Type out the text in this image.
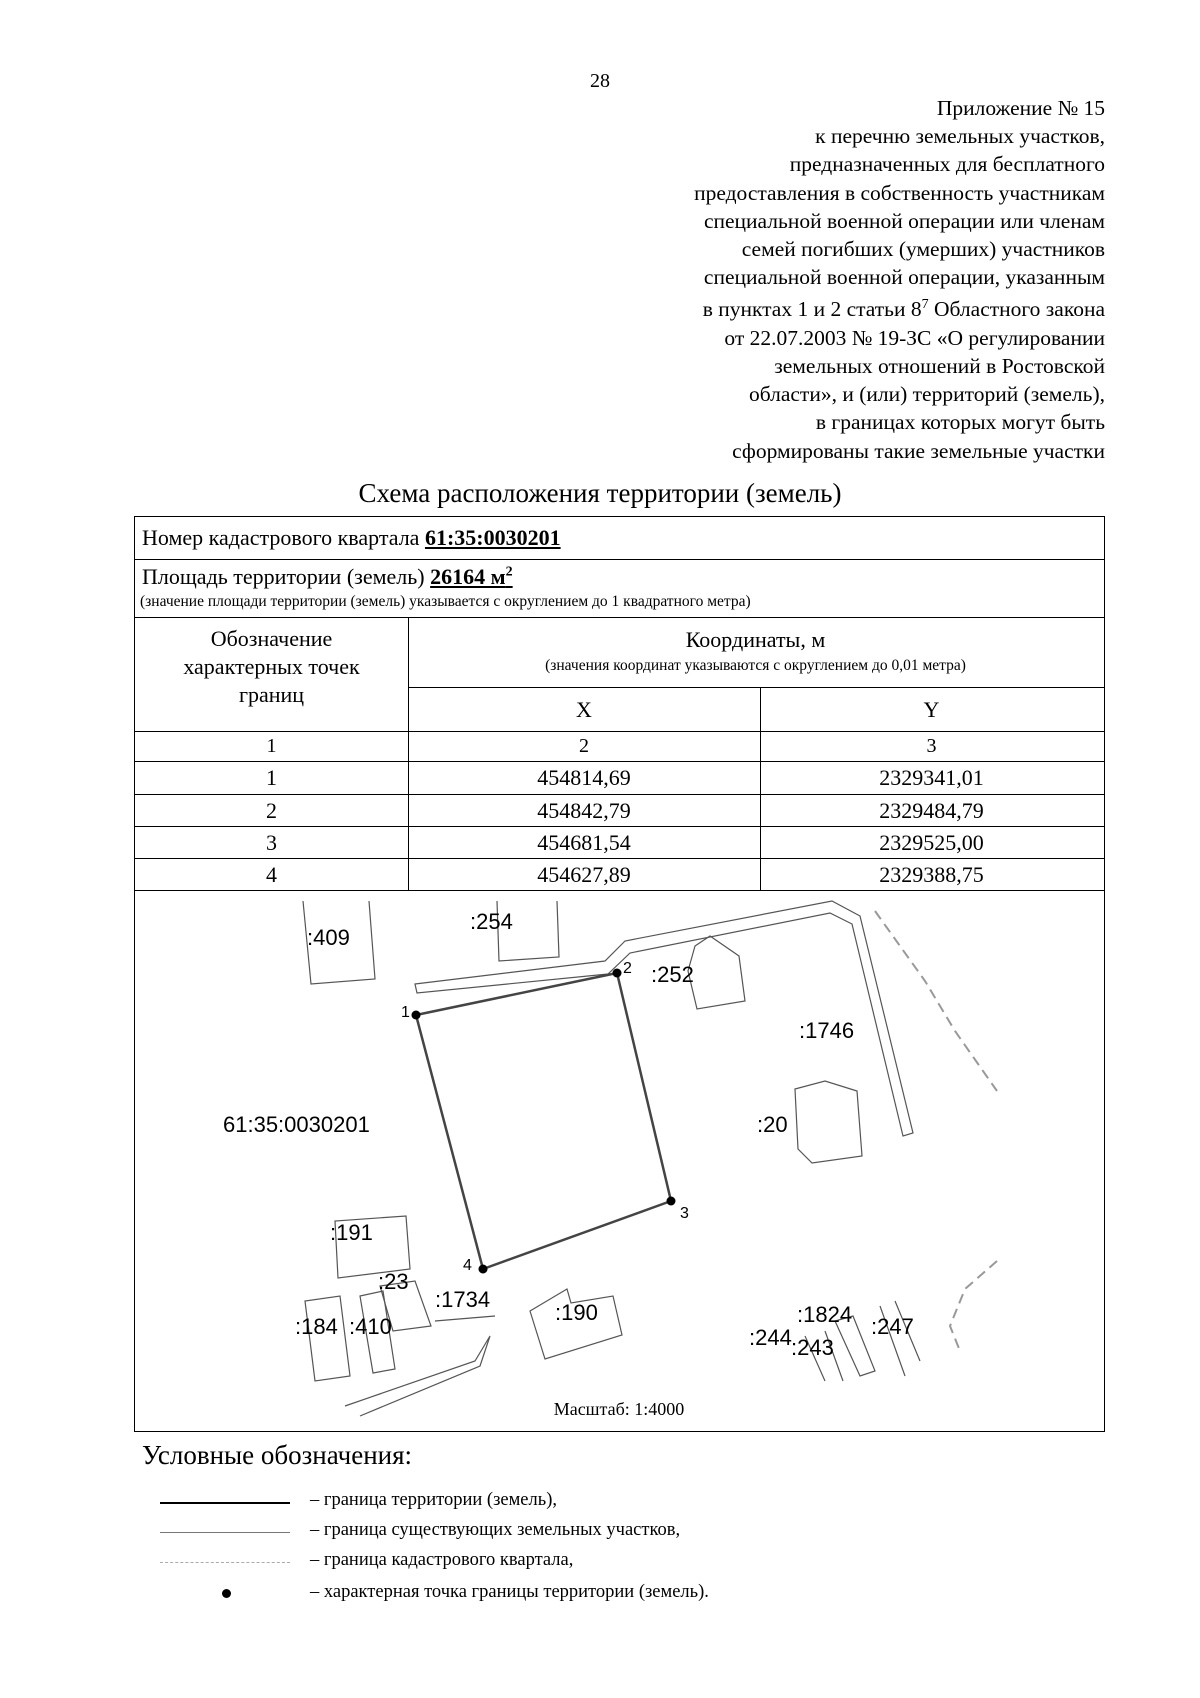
28
Приложение № 15
к перечню земельных участков,
предназначенных для бесплатного
предоставления в собственность участникам
специальной военной операции или членам
семей погибших (умерших) участников
специальной военной операции, указанным
в пунктах 1 и 2 статьи $8^7$ Областного закона
от 22.07.2003 № 19-ЗС «О регулировании
земельных отношений в Ростовской
области», и (или) территорий (земель),
в границах которых могут быть
сформированы такие земельные участки
Схема расположения территории (земель)
Номер кадастрового квартала 61:35:0030201
Площадь территории (земель) 26164 $м^2$
(значение площади территории (земель) указывается с округлением до 1 квадратного метра)
Обозначение
характерных точек
границ
Координаты, м
(значения координат указываются с округлением до 0,01 метра)
X	Y
1	2	3
1	454814,69	2329341,01
2	454842,79	2329484,79
3	454681,54	2329525,00
4	454627,89	2329388,75
1
2
3
4
61:35:0030201
:409
:254
:252
:1746
:20
:191
:23
:1734
:184 :410
:190	:1824
:244 :243
:247
Масштаб: 1:4000
Условные обозначения:
– граница территории (земель),
– граница существующих земельных участков,
– граница кадастрового квартала,
– характерная точка границы территории (земель).
